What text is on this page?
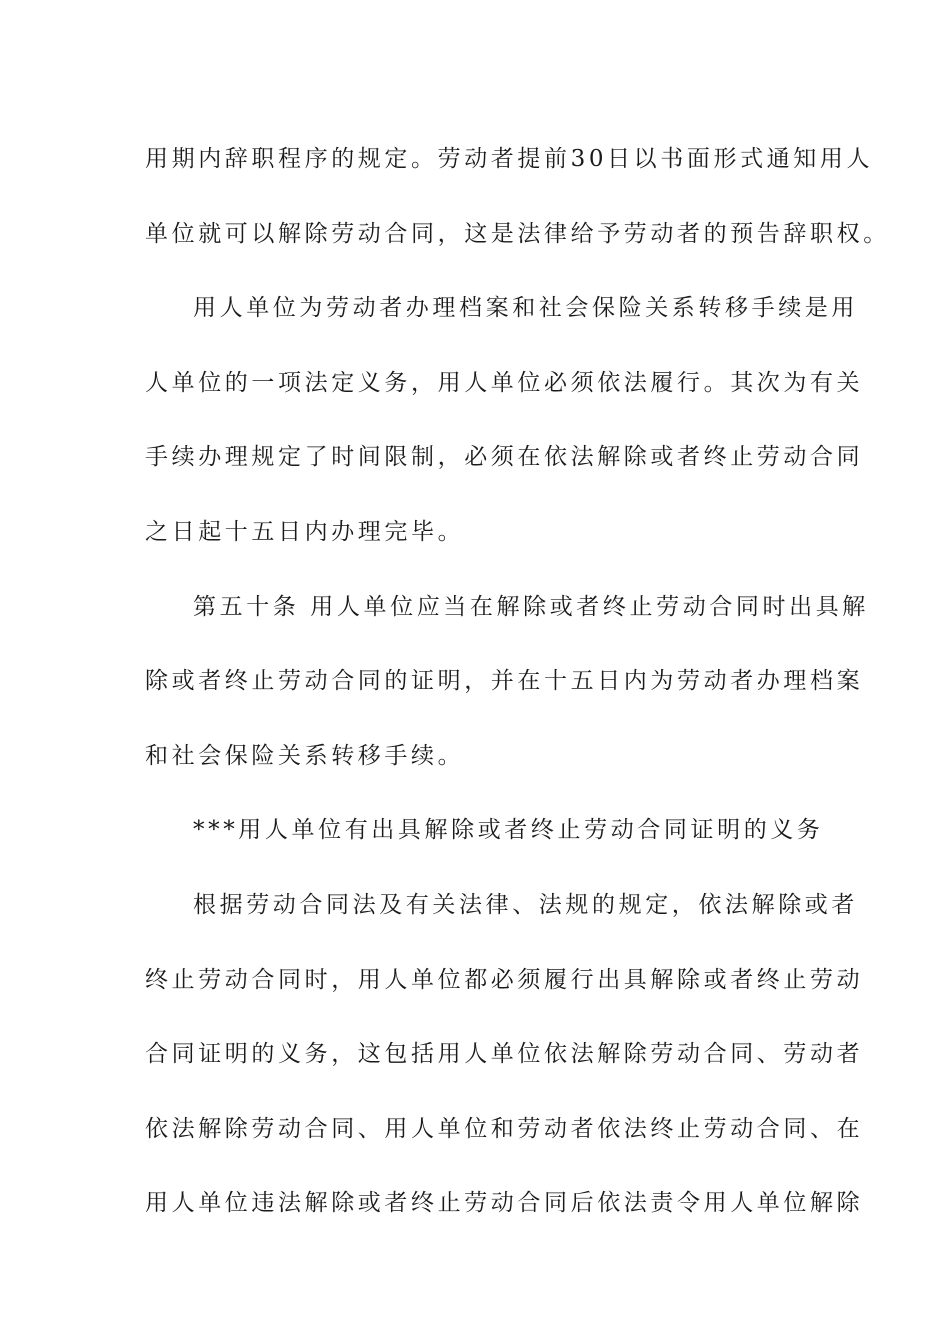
用期内辞职程序的规定。劳动者提前30日以书面形式通知用人
单位就可以解除劳动合同，这是法律给予劳动者的预告辞职权。
用人单位为劳动者办理档案和社会保险关系转移手续是用
人单位的一项法定义务，用人单位必须依法履行。其次为有关
手续办理规定了时间限制，必须在依法解除或者终止劳动合同
之日起十五日内办理完毕。
第五十条 用人单位应当在解除或者终止劳动合同时出具解
除或者终止劳动合同的证明，并在十五日内为劳动者办理档案
和社会保险关系转移手续。
***用人单位有出具解除或者终止劳动合同证明的义务
根据劳动合同法及有关法律、法规的规定，依法解除或者
终止劳动合同时，用人单位都必须履行出具解除或者终止劳动
合同证明的义务，这包括用人单位依法解除劳动合同、劳动者
依法解除劳动合同、用人单位和劳动者依法终止劳动合同、在
用人单位违法解除或者终止劳动合同后依法责令用人单位解除
